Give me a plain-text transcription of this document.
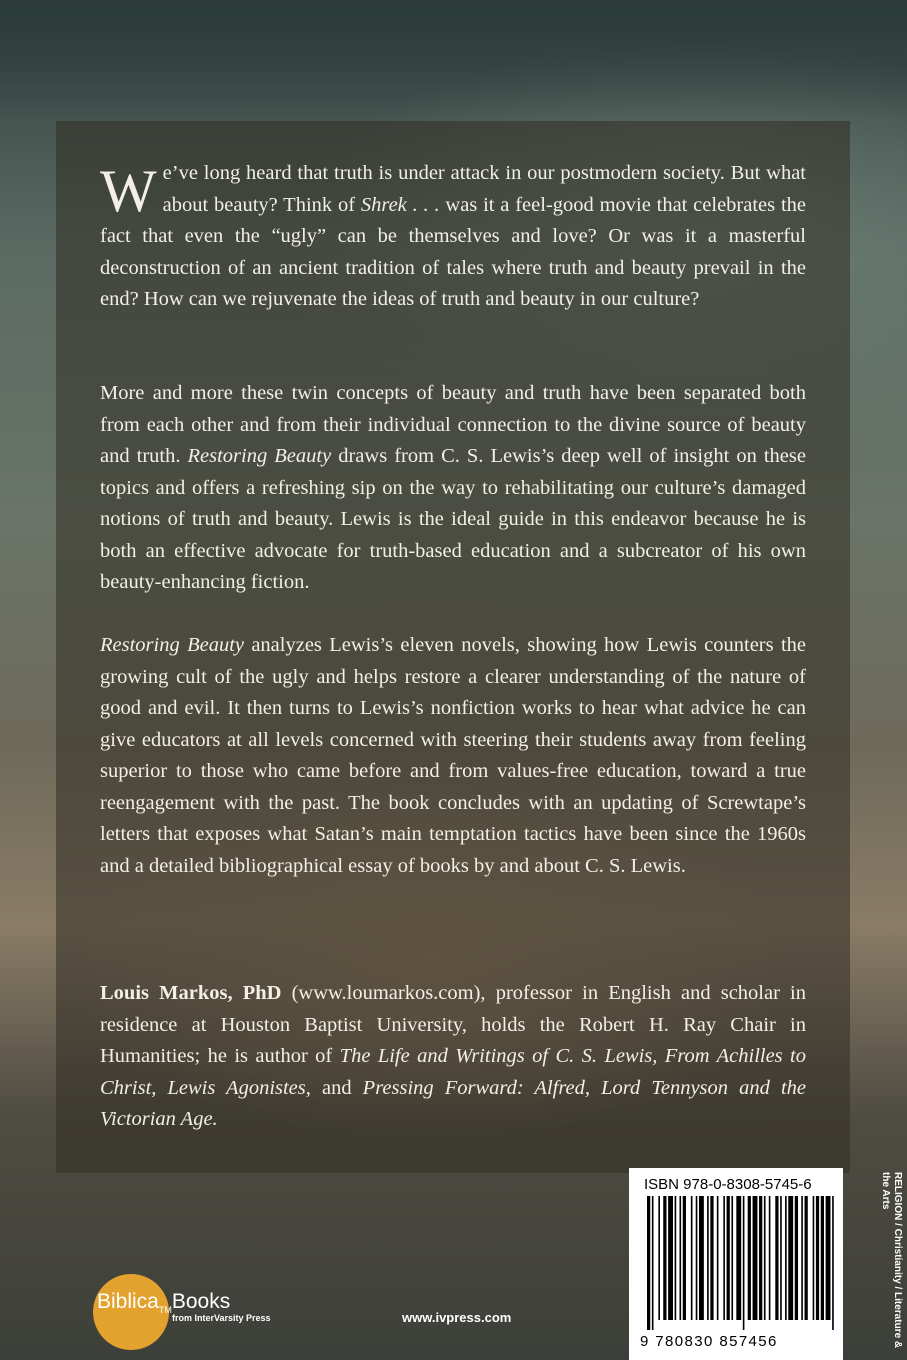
We’ve long heard that truth is under attack in our postmodern society. But what about beauty? Think of Shrek . . . was it a feel-good movie that celebrates the fact that even the “ugly” can be themselves and love? Or was it a masterful deconstruction of an ancient tradition of tales where truth and beauty prevail in the end? How can we rejuvenate the ideas of truth and beauty in our culture?

More and more these twin concepts of beauty and truth have been separated both from each other and from their individual connection to the divine source of beauty and truth. Restoring Beauty draws from C. S. Lewis’s deep well of insight on these topics and offers a refreshing sip on the way to rehabilitating our culture’s damaged notions of truth and beauty. Lewis is the ideal guide in this endeavor because he is both an effective advocate for truth-based education and a subcreator of his own beauty-enhancing fiction.

Restoring Beauty analyzes Lewis’s eleven novels, showing how Lewis counters the growing cult of the ugly and helps restore a clearer understanding of the nature of good and evil. It then turns to Lewis’s nonfiction works to hear what advice he can give educators at all levels concerned with steering their students away from feeling superior to those who came before and from values-free education, toward a true reengagement with the past. The book concludes with an updating of Screwtape’s letters that exposes what Satan’s main temptation tactics have been since the 1960s and a detailed bibliographical essay of books by and about C. S. Lewis.

Louis Markos, PhD (www.loumarkos.com), professor in English and scholar in residence at Houston Baptist University, holds the Robert H. Ray Chair in Humanities; he is author of The Life and Writings of C. S. Lewis, From Achilles to Christ, Lewis Agonistes, and Pressing Forward: Alfred, Lord Tennyson and the Victorian Age.

Biblica$_{TM}$Books
from InterVarsity Press	www.ivpress.com
ISBN 978-0-8308-5745-6
9 780830 857456	RELIGION / Christianity / Literature & the Arts
